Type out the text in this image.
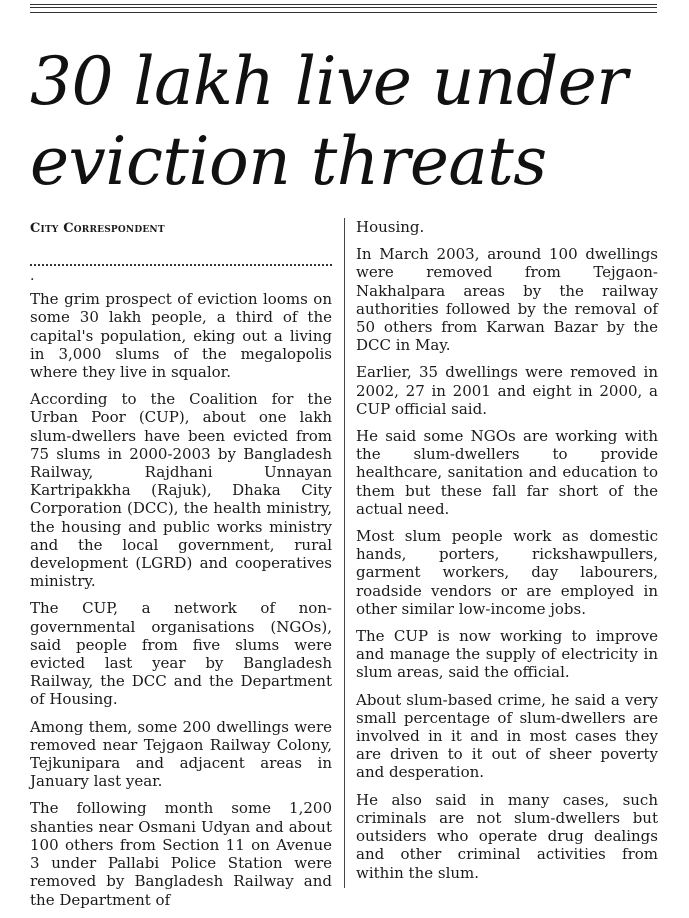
30 lakh live under
eviction threats
City Correspondent
.

The grim prospect of eviction looms on some 30 lakh people, a third of the capital's population, eking out a living in 3,000 slums of the megalopolis where they live in squalor.

According to the Coalition for the Urban Poor (CUP), about one lakh slum-dwellers have been evicted from 75 slums in 2000-2003 by Bangladesh Railway, Rajdhani Unnayan Kartripakkha (Rajuk), Dhaka City Corporation (DCC), the health ministry, the housing and public works ministry and the local government, rural development (LGRD) and cooperatives ministry.

The CUP, a network of non-governmental organisations (NGOs), said people from five slums were evicted last year by Bangladesh Railway, the DCC and the Department of Housing.

Among them, some 200 dwellings were removed near Tejgaon Railway Colony, Tejkunipara and adjacent areas in January last year.

The following month some 1,200 shanties near Osmani Udyan and about 100 others from Section 11 on Avenue 3 under Pallabi Police Station were removed by Bangladesh Railway and the Department of

Housing.

In March 2003, around 100 dwellings were removed from Tejgaon-Nakhalpara areas by the railway authorities followed by the removal of 50 others from Karwan Bazar by the DCC in May.

Earlier, 35 dwellings were removed in 2002, 27 in 2001 and eight in 2000, a CUP official said.

He said some NGOs are working with the slum-dwellers to provide healthcare, sanitation and education to them but these fall far short of the actual need.

Most slum people work as domestic hands, porters, rickshawpullers, garment workers, day labourers, roadside vendors or are employed in other similar low-income jobs.

The CUP is now working to improve and manage the supply of electricity in slum areas, said the official.

About slum-based crime, he said a very small percentage of slum-dwellers are involved in it and in most cases they are driven to it out of sheer poverty and desperation.

He also said in many cases, such criminals are not slum-dwellers but outsiders who operate drug dealings and other criminal activities from within the slum.
